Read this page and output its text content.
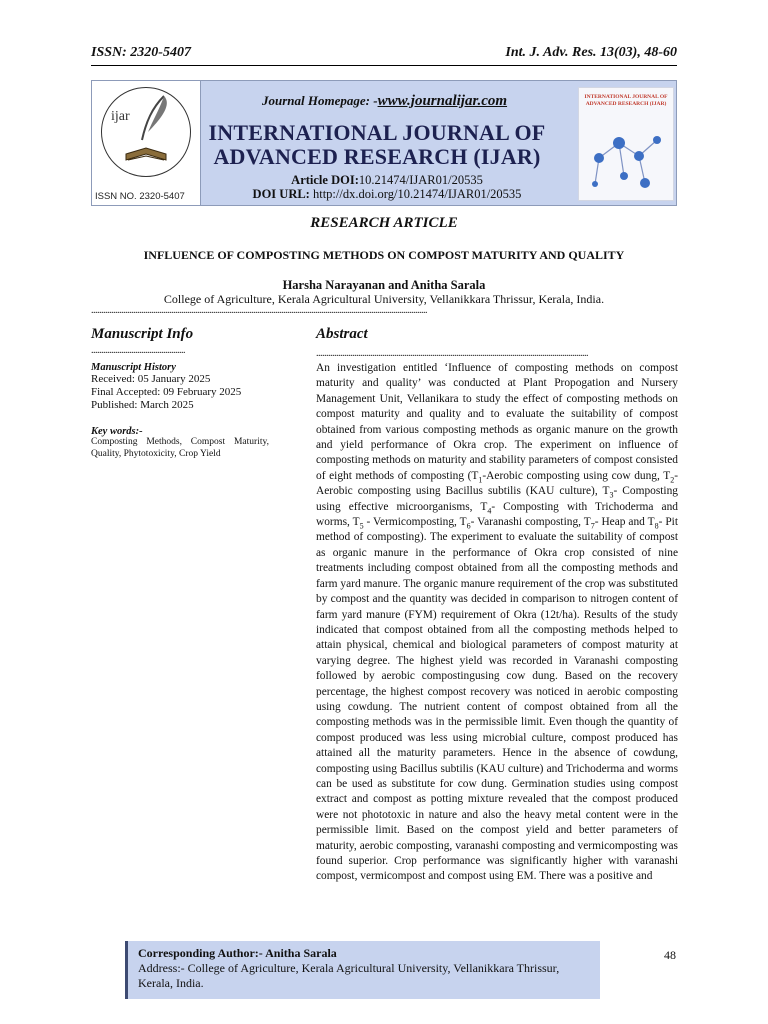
ISSN: 2320-5407	Int. J. Adv. Res. 13(03), 48-60
ijar
ISSN NO. 2320-5407
Journal Homepage: -www.journalijar.com
INTERNATIONAL JOURNAL OF
ADVANCED RESEARCH (IJAR)
Article DOI:10.21474/IJAR01/20535
DOI URL: http://dx.doi.org/10.21474/IJAR01/20535
INTERNATIONAL JOURNAL OF ADVANCED RESEARCH (IJAR)
RESEARCH ARTICLE
INFLUENCE OF COMPOSTING METHODS ON COMPOST MATURITY AND QUALITY
Harsha Narayanan and Anitha Sarala
College of Agriculture, Kerala Agricultural University, Vellanikkara Thrissur, Kerala, India.
........................................................................................................................................................................
Manuscript Info
...............................................
Manuscript History
Received: 05 January 2025
Final Accepted: 09 February 2025
Published: March 2025
Key words:-
Composting Methods, Compost Maturity, Quality, Phytotoxicity, Crop Yield
Abstract
........................................................................................................................................
An investigation entitled ‘Influence of composting methods on compost maturity and quality’ was conducted at Plant Propogation and Nursery Management Unit, Vellanikara to study the effect of composting methods on compost maturity and quality and to evaluate the suitability of compost obtained from various composting methods as organic manure on the growth and yield performance of Okra crop. The experiment on influence of composting methods on maturity and stability parameters of compost consisted of eight methods of composting ($T_1$-Aerobic composting using cow dung, $T_2-$ Aerobic composting using Bacillus subtilis (KAU culture), $T_3-$ Composting using effective microorganisms, $T_4-$ Composting with Trichoderma and worms, $T_5$ - Vermicomposting, $T_6-$ Varanashi composting, $T_7-$ Heap and $T_8-$ Pit method of composting). The experiment to evaluate the suitability of compost as organic manure in the performance of Okra crop consisted of nine treatments including compost obtained from all the composting methods and farm yard manure. The organic manure requirement of the crop was substituted by compost and the quantity was decided in comparison to nitrogen content of farm yard manure (FYM) requirement of Okra (12t/ha). Results of the study indicated that compost obtained from all the composting methods helped to attain physical, chemical and biological parameters of compost maturity at varying degree. The highest yield was recorded in Varanashi composting followed by aerobic compostingusing cow dung. Based on the recovery percentage, the highest compost recovery was noticed in aerobic composting using cowdung. The nutrient content of compost obtained from all the composting methods was in the permissible limit. Even though the quantity of compost produced was less using microbial culture, compost produced has attained all the maturity parameters. Hence in the absence of cowdung, composting using Bacillus subtilis (KAU culture) and Trichoderma and worms can be used as substitute for cow dung. Germination studies using compost extract and compost as potting mixture revealed that the compost produced were not phototoxic in nature and also the heavy metal content were in the permissible limit. Based on the compost yield and better parameters of maturity, aerobic composting, varanashi composting and vermicomposting was found superior. Crop performance was significantly higher with varanashi compost, vermicompost and compost using EM. There was a positive and
Corresponding Author:- Anitha Sarala
Address:- College of Agriculture, Kerala Agricultural University, Vellanikkara Thrissur, Kerala, India.
48
